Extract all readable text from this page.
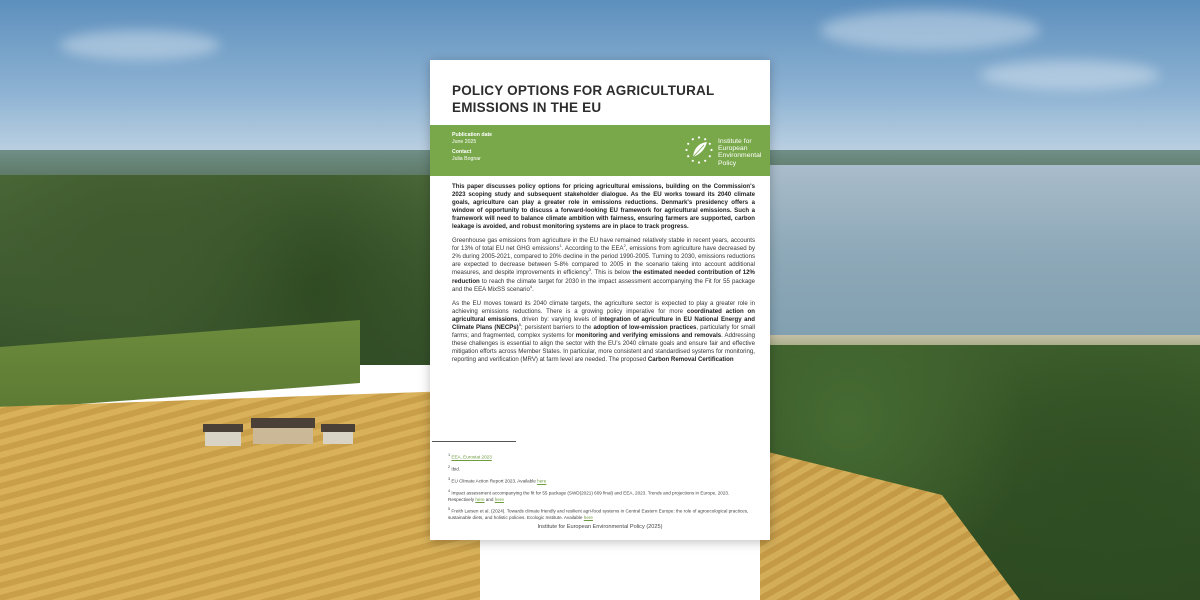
POLICY OPTIONS FOR AGRICULTURAL EMISSIONS IN THE EU
Publication date
June 2025
Contact
Julia Bognar
Institute for
European
Environmental
Policy

This paper discusses policy options for pricing agricultural emissions, building on the Commission's 2023 scoping study and subsequent stakeholder dialogue. As the EU works toward its 2040 climate goals, agriculture can play a greater role in emissions reductions. Denmark's presidency offers a window of opportunity to discuss a forward-looking EU framework for agricultural emissions. Such a framework will need to balance climate ambition with fairness, ensuring farmers are supported, carbon leakage is avoided, and robust monitoring systems are in place to track progress.

Greenhouse gas emissions from agriculture in the EU have remained relatively stable in recent years, accounts for 13% of total EU net GHG emissions$^1$. According to the EEA$^2$, emissions from agriculture have decreased by 2% during 2005-2021, compared to 20% decline in the period 1990-2005. Turning to 2030, emissions reductions are expected to decrease between 5-8% compared to 2005 in the scenario taking into account additional measures, and despite improvements in efficiency$^3$. This is below the estimated needed contribution of 12% reduction to reach the climate target for 2030 in the impact assessment accompanying the Fit for 55 package and the EEA MixSS scenario$^4$.

As the EU moves toward its 2040 climate targets, the agriculture sector is expected to play a greater role in achieving emissions reductions. There is a growing policy imperative for more coordinated action on agricultural emissions, driven by: varying levels of integration of agriculture in EU National Energy and Climate Plans (NECPs)$^5$; persistent barriers to the adoption of low-emission practices, particularly for small farms; and fragmented, complex systems for monitoring and verifying emissions and removals. Addressing these challenges is essential to align the sector with the EU's 2040 climate goals and ensure fair and effective mitigation efforts across Member States. In particular, more consistent and standardised systems for monitoring, reporting and verification (MRV) at farm level are needed. The proposed Carbon Removal Certification

$^1$ EEA, Eurostat 2023
$^2$ Ibid.
$^3$ EU Climate Action Report 2023. Available here
$^4$ Impact assessment accompanying the fit for 55 package (SWD(2021) 609 final) and EEA, 2023. Trends and projections in Europe, 2023. Respectively here and here
$^5$ Freith Larsen et al. (2024). Towards climate friendly and resilient agri-food systems in Central Eastern Europe: the role of agroecological practices, sustainable diets, and holistic policies. Ecologic Institute. Available here
Institute for European Environmental Policy (2025)
